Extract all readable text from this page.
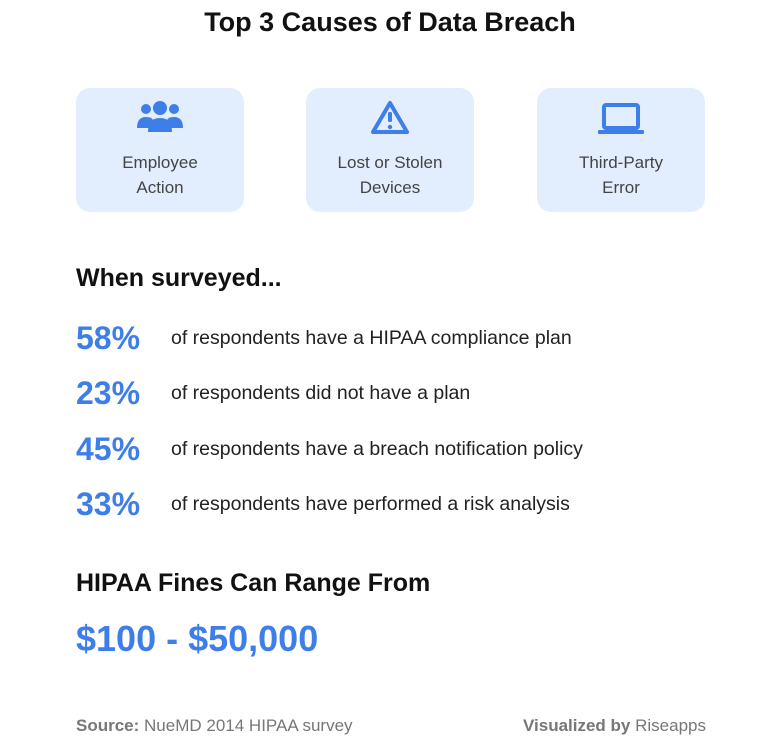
Top 3 Causes of Data Breach
Employee
Action
Lost or Stolen
Devices
Third-Party
Error
When surveyed...
58%	of respondents have a HIPAA compliance plan
23%	of respondents did not have a plan
45%	of respondents have a breach notification policy
33%	of respondents have performed a risk analysis
HIPAA Fines Can Range From
$100 - $50,000
Source: NueMD 2014 HIPAA survey	Visualized by Riseapps
